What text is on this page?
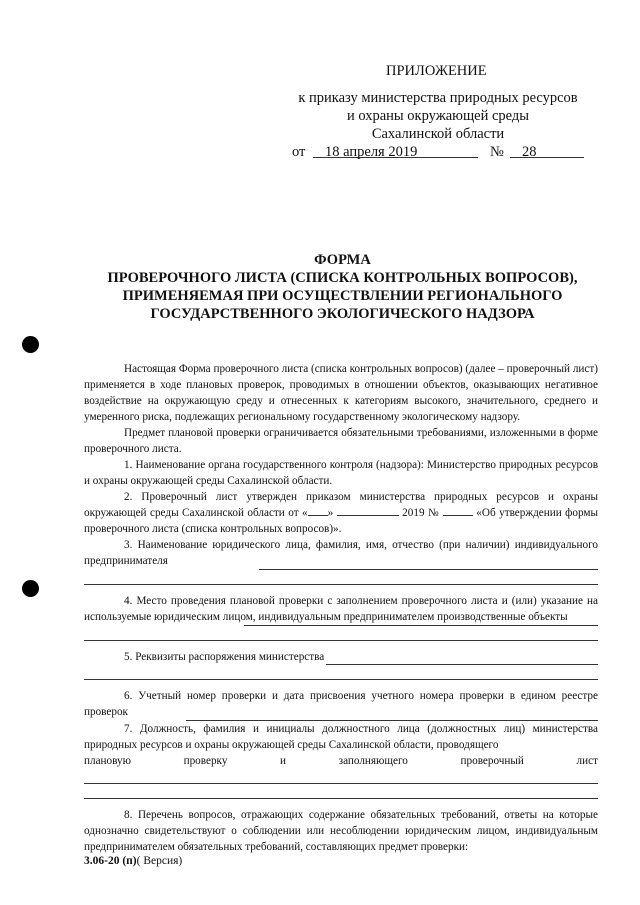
ПРИЛОЖЕНИЕ
к приказу министерства природных ресурсов
и охраны окружающей среды
Сахалинской области
от	18 апреля 2019	№	28
ФОРМА
ПРОВЕРОЧНОГО ЛИСТА (СПИСКА КОНТРОЛЬНЫХ ВОПРОСОВ),
ПРИМЕНЯЕМАЯ ПРИ ОСУЩЕСТВЛЕНИИ РЕГИОНАЛЬНОГО
ГОСУДАРСТВЕННОГО ЭКОЛОГИЧЕСКОГО НАДЗОРА

Настоящая Форма проверочного листа (списка контрольных вопросов) (далее – проверочный лист) применяется в ходе плановых проверок, проводимых в отношении объектов, оказывающих негативное воздействие на окружающую среду и отнесенных к категориям высокого, значительного, среднего и умеренного риска, подлежащих региональному государственному экологическому надзору.

Предмет плановой проверки ограничивается обязательными требованиями, изложенными в форме проверочного листа.

1. Наименование органа государственного контроля (надзора): Министерство природных ресурсов и охраны окружающей среды Сахалинской области.

2. Проверочный лист утвержден приказом министерства природных ресурсов и охраны окружающей среды Сахалинской области от « »	2019 №	«Об утверждении формы проверочного листа (списка контрольных вопросов)».

3. Наименование юридического лица, фамилия, имя, отчество (при наличии) индивидуального предпринимателя

4. Место проведения плановой проверки с заполнением проверочного листа и (или) указание на используемые юридическим лицом, индивидуальным предпринимателем производственные объекты

5. Реквизиты распоряжения министерства

6. Учетный номер проверки и дата присвоения учетного номера проверки в едином реестре проверок

7. Должность, фамилия и инициалы должностного лица (должностных лиц) министерства природных ресурсов и охраны окружающей среды Сахалинской области, проводящего

плановую	проверку	и	заполняющего	проверочный	лист

8. Перечень вопросов, отражающих содержание обязательных требований, ответы на которые однозначно свидетельствуют о соблюдении или несоблюдении юридическим лицом, индивидуальным предпринимателем обязательных требований, составляющих предмет проверки:

3.06-20 (п)( Версия)
